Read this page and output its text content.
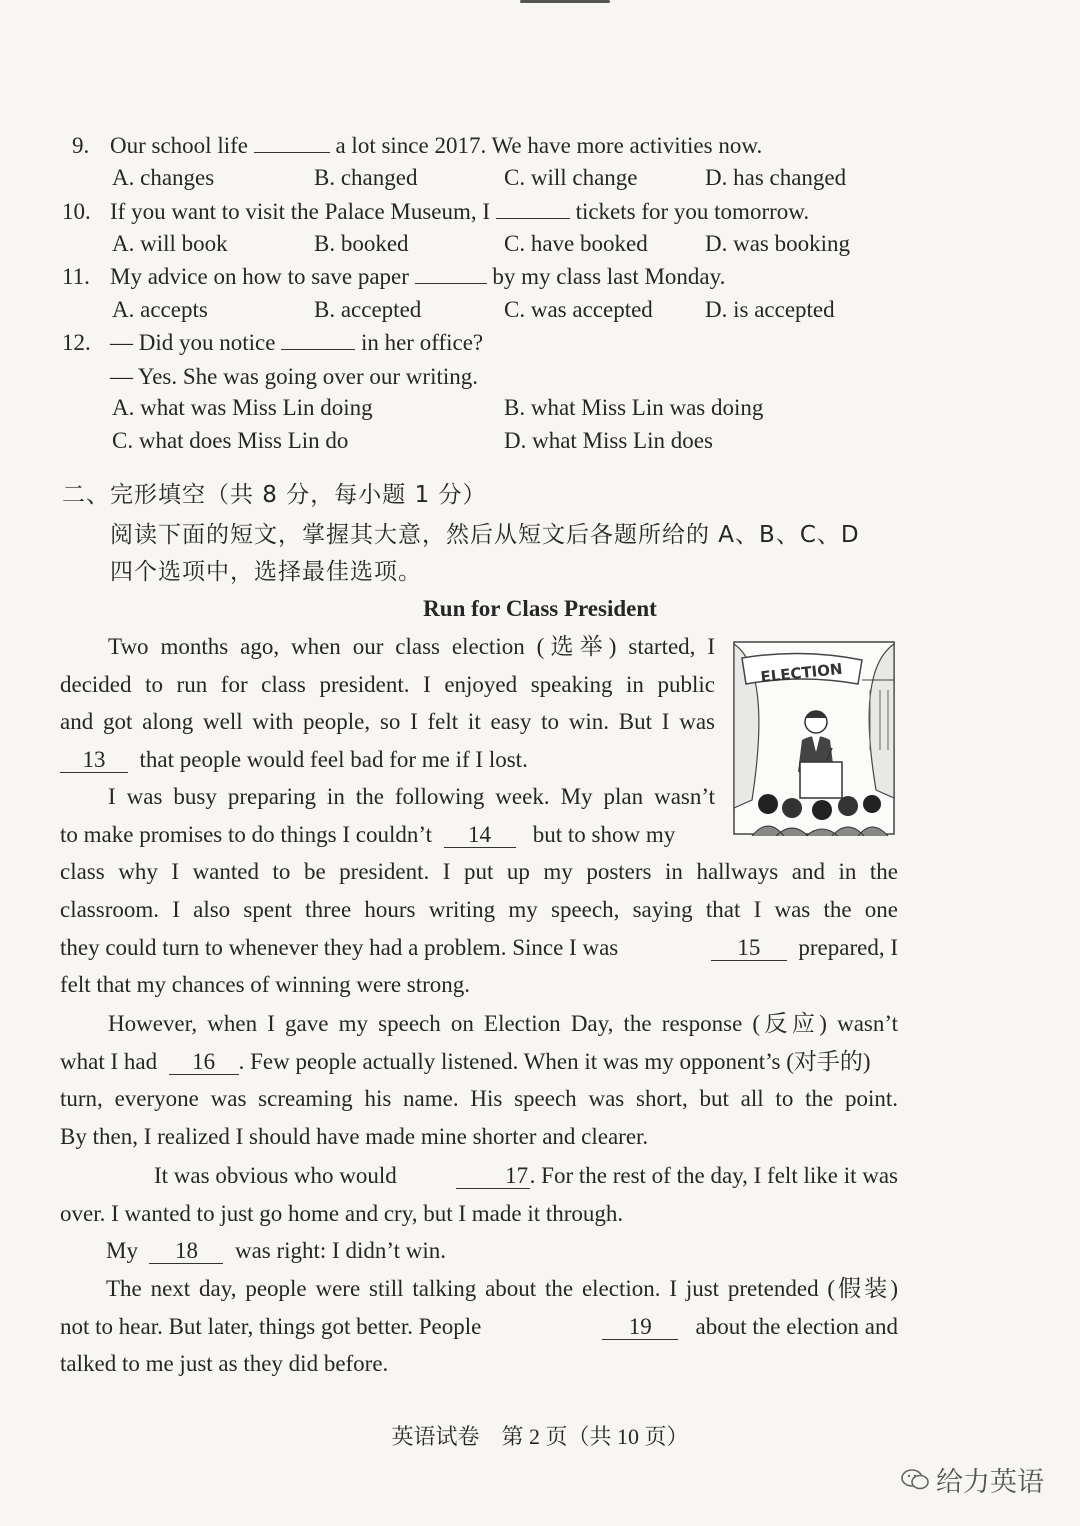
9. Our school life	a lot since 2017. We have more activities now.
A. changes	B. changed	C. will change	D. has changed
10. If you want to visit the Palace Museum, I	tickets for you tomorrow.
A. will book	B. booked	C. have booked D. was booking
11. My advice on how to save paper	by my class last Monday.
A. accepts	B. accepted	C. was accepted D. is accepted
12. — Did you notice	in her office?
— Yes. She was going over our writing.
A. what was Miss Lin doing	B. what Miss Lin was doing
C. what does Miss Lin do	D. what Miss Lin does
二、完形填空（共 8 分，每小题 1 分）
阅读下面的短文，掌握其大意，然后从短文后各题所给的 A、B、C、D
四个选项中，选择最佳选项。
Run for Class President
ELECTION
Two months ago, when our class election (选举) started, I
decided to run for class president. I enjoyed speaking in public
and got along well with people, so I felt it easy to win. But I was
13 that people would feel bad for me if I lost.
I was busy preparing in the following week. My plan wasn’t
to make promises to do things I couldn’t 14 but to show my
class why I wanted to be president. I put up my posters in hallways and in the
classroom. I also spent three hours writing my speech, saying that I was the one
they could turn to whenever they had a problem. Since I was	15 prepared, I
felt that my chances of winning were strong.
However, when I gave my speech on Election Day, the response (反应) wasn’t
what I had 16 . Few people actually listened. When it was my opponent’s (对手的)
turn, everyone was screaming his name. His speech was short, but all to the point.
By then, I realized I should have made mine shorter and clearer.
It was obvious who would	17. For the rest of the day, I felt like it was
over. I wanted to just go home and cry, but I made it through.
My 18 was right: I didn’t win.
The next day, people were still talking about the election. I just pretended (假装)
not to hear. But later, things got better. People	19 about the election and
talked to me just as they did before.
英语试卷　第 2 页（共 10 页）
给力英语
